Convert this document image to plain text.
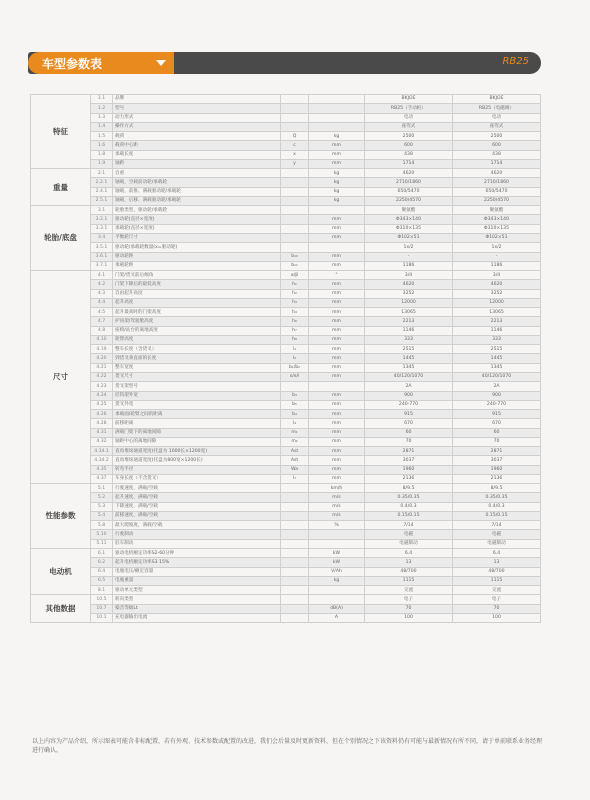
车型参数表	RB25
特征	1.1	品牌			BKJOE	BKJOE
	1.2	型号			RB25（手动桩）	RB25（电磁阀）
	1.3	动力形式			电动	电动
	1.4	操作方式			座驾式	座驾式
	1.5	载荷	Q	kg	2500	2500
	1.6	载荷中心距	c	mm	600	600
	1.8	承载长度	x	mm	438	438
	1.9	轴距	y	mm	1714	1714
重量	2.1	自重		kg	4620	4620
	2.2.1	轴载，空载前动轮/承载轮		kg	2710/1860	2710/1860
	2.4.1	轴载，前推、满载驱动轮/承载轮		kg	650/5470	650/5470
	2.5.1	轴载，后移、满载驱动轮/承载轮		kg	2250/4570	2250/4570
轮胎/底盘	3.1	轮胎类型，驱动轮/承载轮			聚氨酯	聚氨酯
	3.2.1	驱动轮(直径×宽度)		mm	Φ343×140	Φ343×140
	3.3.1	承载轮(直径×宽度)		mm	Φ310×135	Φ310×135
	3.4	平衡轮尺寸		mm	Φ102×51	Φ102×51
	3.5.1	驱动轮/承载轮数量(x=驱动轮)			1x/2	1x/2
	3.6.1	驱动轮距	b₁₀	mm	-	-
	3.7.1	承载轮距	b₁₁	mm	1186	1186
尺寸	4.1	门架/货叉前后倾角	α/β	°	3/4	3/4
	4.2	门架下降后的最低高度	h₁	mm	4620	4620
	4.3	自由起升高度	h₂	mm	3252	3252
	4.4	起升高度	h₃	mm	12000	12000
	4.5	起升最高时的门架高度	h₄	mm	13065	13065
	4.7	护顶架/驾驶舱高度	h₆	mm	2213	2213
	4.8	座椅/站台的离地高度	h₇	mm	1146	1146
	4.10	轮臂高度	h₈	mm	333	333
	4.19	整车长度（含货叉）	l₁	mm	2515	2515
	4.20	到货叉垂直面的长度	l₂	mm	1445	1445
	4.21	整车宽度	b₁/b₂	mm	1345	1345
	4.22	货叉尺寸	s/e/l	mm	40/120/1070	40/120/1070
	4.23	货叉架型号			2A	2A
	4.24	挂钩架外宽	b₃	mm	900	900
	4.25	货叉外宽	b₅	mm	240-770	240-770
	4.26	承载面/轮臂之间的距离	b₄	mm	915	915
	4.28	前移距离	l₄	mm	670	670
	4.31	满载门架下的离地间隙	m₁	mm	60	60
	4.32	轴距中心的离地间隙	m₂	mm	70	70
	4.34.1	直角堆垛通道宽度(托盘为 1000长×1200宽)	Ast	mm	2871	2871
	4.34.2	直角堆垛通道宽度(托盘为800宽×1200长)	Ast	mm	3037	3037
	4.35	转弯半径	Wa	mm	1960	1960
	4.37	车身长度（不含货叉）	l₇	mm	2136	2136
性能参数	5.1	行驶速度，满载/空载		km/h	8/9.5	8/9.5
	5.2	起升速度，满载/空载		m/s	0.35/0.35	0.35/0.35
	5.3	下降速度，满载/空载		m/s	0.4/0.3	0.4/0.3
	5.4	前移速度，满载/空载		m/s	0.15/0.15	0.15/0.15
	5.8	最大爬坡度，满载/空载		%	7/14	7/14
	5.10	行驶制动			电磁	电磁
	5.11	驻车制动			电磁制动	电磁制动
电动机	6.1	驱动电机额定功率S2-60分钟		kW	6.4	6.4
	6.2	起升电机额定功率S3 15%		kW	13	13
	6.4	电瓶电压/额定容量		V/Ah	48/700	48/700
	6.5	电瓶重量		kg	1115	1115
	8.1	驱动单元类型			交流	交流
其他数据	10.5	转向类型			电子	电子
	10.7	噪音等级Lt		dB(A)	70	70
	10.1	充电器输出电流		A	100	100
以上内容为产品介绍，所示图表可能含非标配置，若有外观、技术参数或配置的改进，我们会后量及时更新资料，但在个别情况之下该资料仍有可能与最新情况有所不同，请于单前联系业务经理进行确认。
